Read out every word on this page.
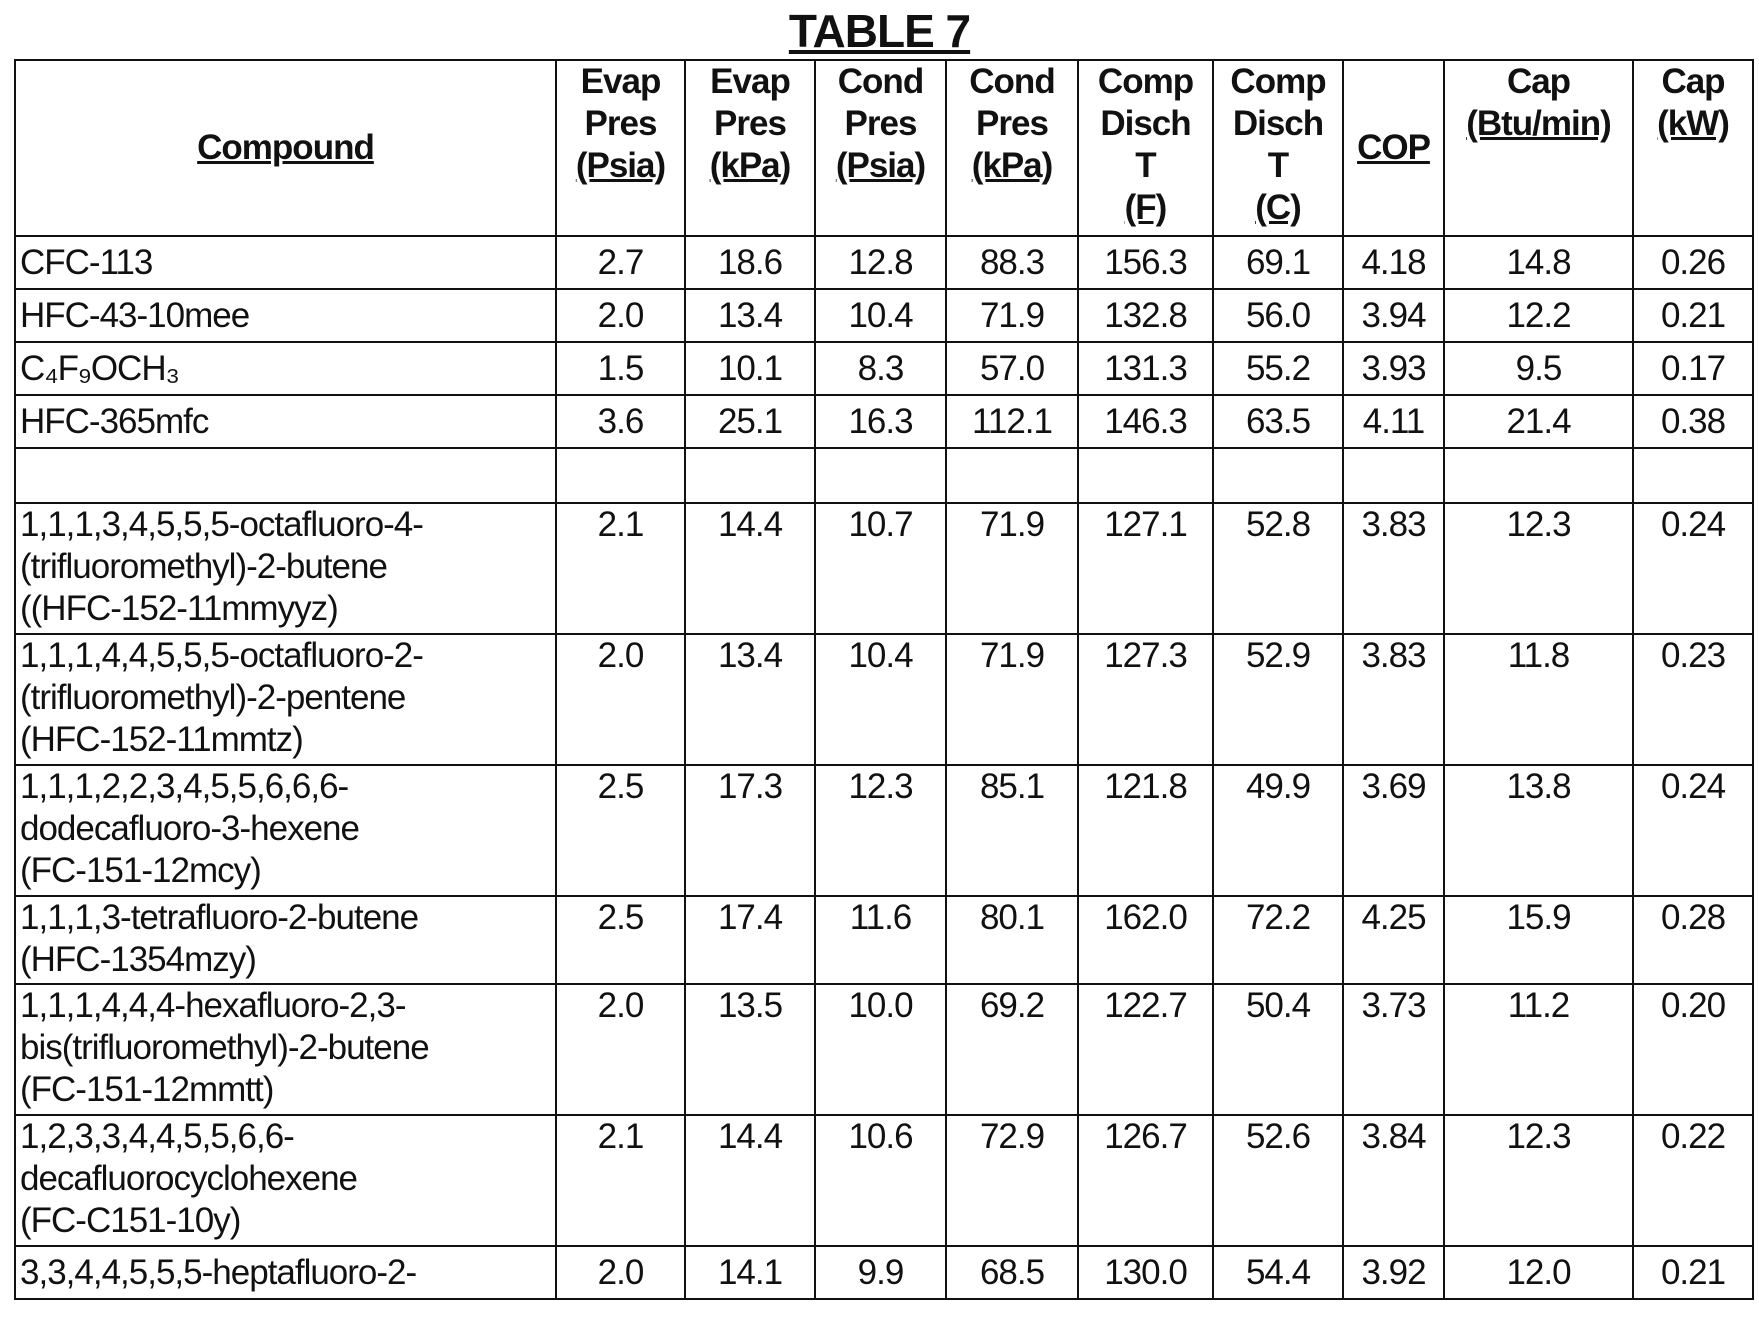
TABLE 7
Compound	Evap
Pres
(Psia)	Evap
Pres
(kPa)	Cond
Pres
(Psia)	Cond
Pres
(kPa)	Comp
Disch
T
(F)	Comp
Disch
T
(C)	COP	Cap
(Btu/min)	Cap
(kW)

CFC-113	2.7	18.6	12.8	88.3	156.3	69.1	4.18	14.8	0.26

HFC-43-10mee	2.0	13.4	10.4	71.9	132.8	56.0	3.94	12.2	0.21

C₄F₉OCH₃	1.5	10.1	8.3	57.0	131.3	55.2	3.93	9.5	0.17

HFC-365mfc	3.6	25.1	16.3	112.1	146.3	63.5	4.11	21.4	0.38

1,1,1,3,4,5,5,5-octafluoro-4-
(trifluoromethyl)-2-butene
((HFC-152-11mmyyz)
	2.1	14.4	10.7	71.9	127.1	52.8	3.83	12.3	0.24

1,1,1,4,4,5,5,5-octafluoro-2-
(trifluoromethyl)-2-pentene
(HFC-152-11mmtz)
	2.0	13.4	10.4	71.9	127.3	52.9	3.83	11.8	0.23

1,1,1,2,2,3,4,5,5,6,6,6-
dodecafluoro-3-hexene
(FC-151-12mcy)
	2.5	17.3	12.3	85.1	121.8	49.9	3.69	13.8	0.24

1,1,1,3-tetrafluoro-2-butene
(HFC-1354mzy)
	2.5	17.4	11.6	80.1	162.0	72.2	4.25	15.9	0.28

1,1,1,4,4,4-hexafluoro-2,3-
bis(trifluoromethyl)-2-butene
(FC-151-12mmtt)
	2.0	13.5	10.0	69.2	122.7	50.4	3.73	11.2	0.20

1,2,3,3,4,4,5,5,6,6-
decafluorocyclohexene
(FC-C151-10y)
	2.1	14.4	10.6	72.9	126.7	52.6	3.84	12.3	0.22

3,3,4,4,5,5,5-heptafluoro-2-	2.0	14.1	9.9	68.5	130.0	54.4	3.92	12.0	0.21
